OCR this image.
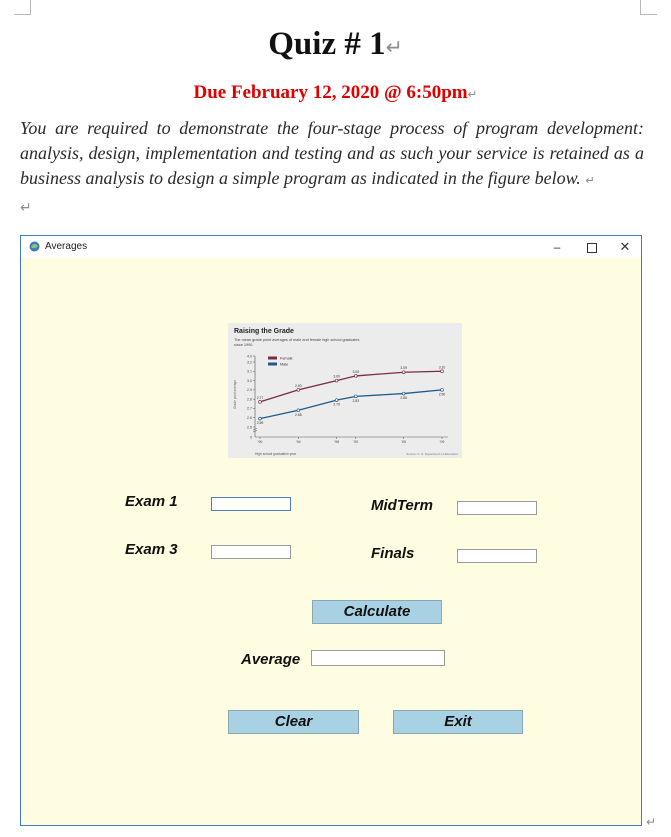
Quiz # 1↵
Due February 12, 2020 @ 6:50pm↵
You are required to demonstrate the four-stage process of program development: analysis, design, implementation and testing and as such your service is retained as a business analysis to design a simple program as indicated in the figure below. ↵
↵
Averages	–	✕
Raising the Grade
The mean grade point averages of male and female high school graduates
since 1990.
Grade point average
High school graduation year	Source: U. S. Department of Education
2.5
2.6
2.7
2.8
2.9
3.0
3.1
3.2
4.0
0
'90	'94	'98	'00	'05	'09
2.77
2.90
3.00
3.05
3.09	3.10
2.59
2.68
2.79
2.83
2.86
2.90
Female
Male
Exam 1	MidTerm
Exam 3	Finals
Calculate
Average
Clear	Exit
↵
